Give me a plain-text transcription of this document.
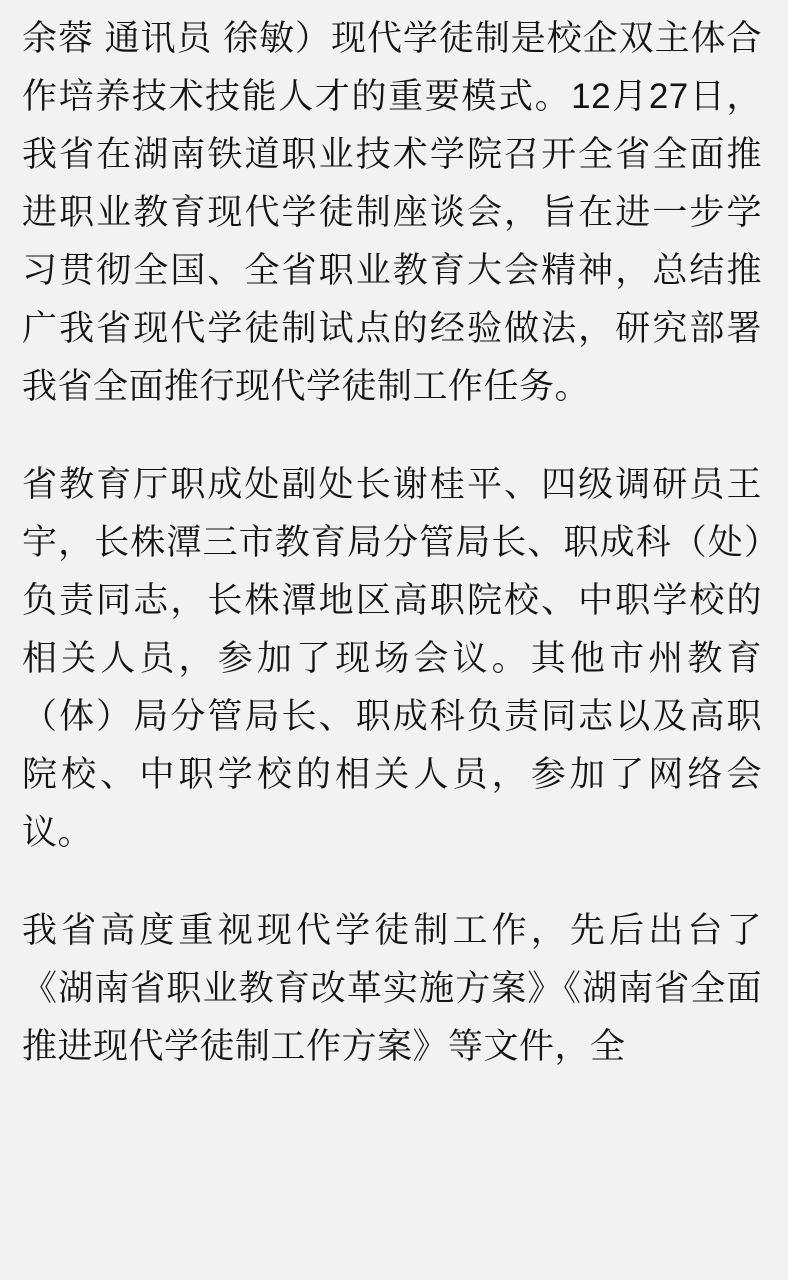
余蓉 通讯员 徐敏）现代学徒制是校企双主体合作培养技术技能人才的重要模式。12月27日，我省在湖南铁道职业技术学院召开全省全面推进职业教育现代学徒制座谈会，旨在进一步学习贯彻全国、全省职业教育大会精神，总结推广我省现代学徒制试点的经验做法，研究部署我省全面推行现代学徒制工作任务。

省教育厅职成处副处长谢桂平、四级调研员王宇，长株潭三市教育局分管局长、职成科（处）负责同志，长株潭地区高职院校、中职学校的相关人员，参加了现场会议。其他市州教育（体）局分管局长、职成科负责同志以及高职院校、中职学校的相关人员，参加了网络会议。

我省高度重视现代学徒制工作，先后出台了《湖南省职业教育改革实施方案》《湖南省全面推进现代学徒制工作方案》等文件，全
